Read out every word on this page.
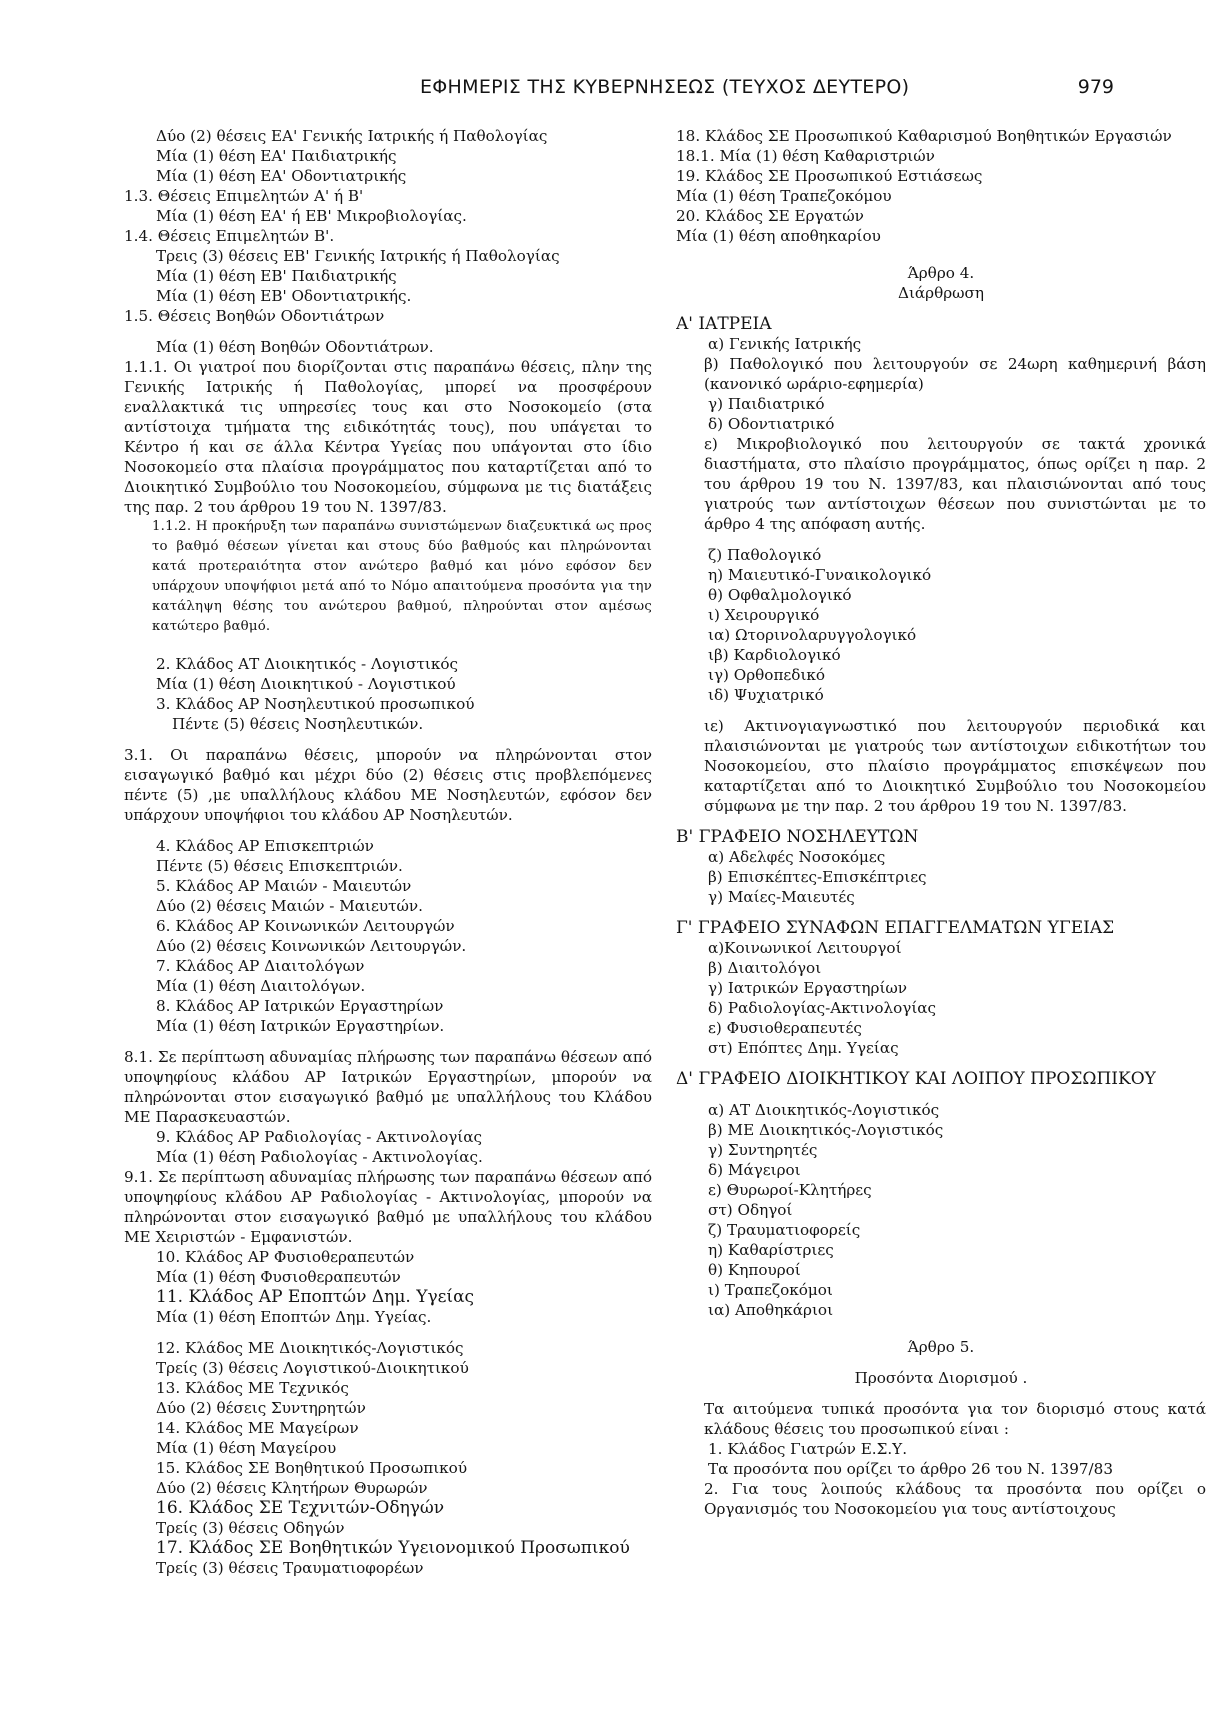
ΕΦΗΜΕΡΙΣ ΤΗΣ ΚΥΒΕΡΝΗΣΕΩΣ (ΤΕΥΧΟΣ ΔΕΥΤΕΡΟ)	979
Δύο (2) θέσεις ΕΑ' Γενικής Ιατρικής ή Παθολογίας
Μία (1) θέση ΕΑ' Παιδιατρικής
Μία (1) θέση ΕΑ' Οδοντιατρικής
1.3. Θέσεις Επιμελητών Α' ή Β'
Μία (1) θέση ΕΑ' ή ΕΒ' Μικροβιολογίας.
1.4. Θέσεις Επιμελητών Β'.
Τρεις (3) θέσεις ΕΒ' Γενικής Ιατρικής ή Παθολογίας
Μία (1) θέση ΕΒ' Παιδιατρικής
Μία (1) θέση ΕΒ' Οδοντιατρικής.
1.5. Θέσεις Βοηθών Οδοντιάτρων
Μία (1) θέση Βοηθών Οδοντιάτρων.
1.1.1. Οι γιατροί που διορίζονται στις παραπάνω θέσεις, πλην της Γενικής Ιατρικής ή Παθολογίας, μπορεί να προσφέρουν εναλλακτικά τις υπηρεσίες τους και στο Νοσοκομείο (στα αντίστοιχα τμήματα της ειδικότητάς τους), που υπάγεται το Κέντρο ή και σε άλλα Κέντρα Υγείας που υπάγονται στο ίδιο Νοσοκομείο στα πλαίσια προγράμματος που καταρτίζεται από το Διοικητικό Συμβούλιο του Νοσοκομείου, σύμφωνα με τις διατάξεις της παρ. 2 του άρθρου 19 του Ν. 1397/83.
1.1.2. Η προκήρυξη των παραπάνω συνιστώμενων διαζευκτικά ως προς το βαθμό θέσεων γίνεται και στους δύο βαθμούς και πληρώνονται κατά προτεραιότητα στον ανώτερο βαθμό και μόνο εφόσον δεν υπάρχουν υποψήφιοι μετά από το Νόμο απαιτούμενα προσόντα για την κατάληψη θέσης του ανώτερου βαθμού, πληρούνται στον αμέσως κατώτερο βαθμό.
2. Κλάδος ΑΤ Διοικητικός - Λογιστικός
Μία (1) θέση Διοικητικού - Λογιστικού
3. Κλάδος ΑΡ Νοσηλευτικού προσωπικού
Πέντε (5) θέσεις Νοσηλευτικών.
3.1. Οι παραπάνω θέσεις, μπορούν να πληρώνονται στον εισαγωγικό βαθμό και μέχρι δύο (2) θέσεις στις προβλεπόμενες πέντε (5) ,με υπαλλήλους κλάδου ΜΕ Νοσηλευτών, εφόσον δεν υπάρχουν υποψήφιοι του κλάδου ΑΡ Νοσηλευτών.
4. Κλάδος ΑΡ Επισκεπτριών
Πέντε (5) θέσεις Επισκεπτριών.
5. Κλάδος ΑΡ Μαιών - Μαιευτών
Δύο (2) θέσεις Μαιών - Μαιευτών.
6. Κλάδος ΑΡ Κοινωνικών Λειτουργών
Δύο (2) θέσεις Κοινωνικών Λειτουργών.
7. Κλάδος ΑΡ Διαιτολόγων
Μία (1) θέση Διαιτολόγων.
8. Κλάδος ΑΡ Ιατρικών Εργαστηρίων
Μία (1) θέση Ιατρικών Εργαστηρίων.
8.1. Σε περίπτωση αδυναμίας πλήρωσης των παραπάνω θέσεων από υποψηφίους κλάδου ΑΡ Ιατρικών Εργαστηρίων, μπορούν να πληρώνονται στον εισαγωγικό βαθμό με υπαλλήλους του Κλάδου ΜΕ Παρασκευαστών.
9. Κλάδος ΑΡ Ραδιολογίας - Ακτινολογίας
Μία (1) θέση Ραδιολογίας - Ακτινολογίας.
9.1. Σε περίπτωση αδυναμίας πλήρωσης των παραπάνω θέσεων από υποψηφίους κλάδου ΑΡ Ραδιολογίας - Ακτινολογίας, μπορούν να πληρώνονται στον εισαγωγικό βαθμό με υπαλλήλους του κλάδου ΜΕ Χειριστών - Εμφανιστών.
10. Κλάδος ΑΡ Φυσιοθεραπευτών
Μία (1) θέση Φυσιοθεραπευτών
11. Κλάδος ΑΡ Εποπτών Δημ. Υγείας
Μία (1) θέση Εποπτών Δημ. Υγείας.
12. Κλάδος ΜΕ Διοικητικός-Λογιστικός
Τρείς (3) θέσεις Λογιστικού-Διοικητικού
13. Κλάδος ΜΕ Τεχνικός
Δύο (2) θέσεις Συντηρητών
14. Κλάδος ΜΕ Μαγείρων
Μία (1) θέση Μαγείρου
15. Κλάδος ΣΕ Βοηθητικού Προσωπικού
Δύο (2) θέσεις Κλητήρων Θυρωρών
16. Κλάδος ΣΕ Τεχνιτών-Οδηγών
Τρείς (3) θέσεις Οδηγών
17. Κλάδος ΣΕ Βοηθητικών Υγειονομικού Προσωπικού
Τρείς (3) θέσεις Τραυματιοφορέων
18. Κλάδος ΣΕ Προσωπικού Καθαρισμού Βοηθητικών Εργασιών
18.1. Μία (1) θέση Καθαριστριών
19. Κλάδος ΣΕ Προσωπικού Εστιάσεως
Μία (1) θέση Τραπεζοκόμου
20. Κλάδος ΣΕ Εργατών
Μία (1) θέση αποθηκαρίου
Άρθρο 4.
Διάρθρωση
Α' ΙΑΤΡΕΙΑ
α) Γενικής Ιατρικής
β) Παθολογικό που λειτουργούν σε 24ωρη καθημερινή βάση (κανονικό ωράριο-εφημερία)
γ) Παιδιατρικό
δ) Οδοντιατρικό
ε) Μικροβιολογικό που λειτουργούν σε τακτά χρονικά διαστήματα, στο πλαίσιο προγράμματος, όπως ορίζει η παρ. 2 του άρθρου 19 του Ν. 1397/83, και πλαισιώνονται από τους γιατρούς των αντίστοιχων θέσεων που συνιστώνται με το άρθρο 4 της απόφαση αυτής.
ζ) Παθολογικό
η) Μαιευτικό-Γυναικολογικό
θ) Οφθαλμολογικό
ι) Χειρουργικό
ια) Ωτορινολαρυγγολογικό
ιβ) Καρδιολογικό
ιγ) Ορθοπεδικό
ιδ) Ψυχιατρικό
ιε) Ακτινογιαγνωστικό που λειτουργούν περιοδικά και πλαισιώνονται με γιατρούς των αντίστοιχων ειδικοτήτων του Νοσοκομείου, στο πλαίσιο προγράμματος επισκέψεων που καταρτίζεται από το Διοικητικό Συμβούλιο του Νοσοκομείου σύμφωνα με την παρ. 2 του άρθρου 19 του Ν. 1397/83.
Β' ΓΡΑΦΕΙΟ ΝΟΣΗΛΕΥΤΩΝ
α) Αδελφές Νοσοκόμες
β) Επισκέπτες-Επισκέπτριες
γ) Μαίες-Μαιευτές
Γ' ΓΡΑΦΕΙΟ ΣΥΝΑΦΩΝ ΕΠΑΓΓΕΛΜΑΤΩΝ ΥΓΕΙΑΣ
α)Κοινωνικοί Λειτουργοί
β) Διαιτολόγοι
γ) Ιατρικών Εργαστηρίων
δ) Ραδιολογίας-Ακτινολογίας
ε) Φυσιοθεραπευτές
στ) Επόπτες Δημ. Υγείας
Δ' ΓΡΑΦΕΙΟ ΔΙΟΙΚΗΤΙΚΟΥ ΚΑΙ ΛΟΙΠΟΥ ΠΡΟΣΩΠΙΚΟΥ
α) ΑΤ Διοικητικός-Λογιστικός
β) ΜΕ Διοικητικός-Λογιστικός
γ) Συντηρητές
δ) Μάγειροι
ε) Θυρωροί-Κλητήρες
στ) Οδηγοί
ζ) Τραυματιοφορείς
η) Καθαρίστριες
θ) Κηπουροί
ι) Τραπεζοκόμοι
ια) Αποθηκάριοι
Άρθρο 5.
Προσόντα Διορισμού .
Τα αιτούμενα τυπικά προσόντα για τον διορισμό στους κατά κλάδους θέσεις του προσωπικού είναι :
1. Κλάδος Γιατρών Ε.Σ.Υ.
Τα προσόντα που ορίζει το άρθρο 26 του Ν. 1397/83
2. Για τους λοιπούς κλάδους τα προσόντα που ορίζει ο Οργανισμός του Νοσοκομείου για τους αντίστοιχους
